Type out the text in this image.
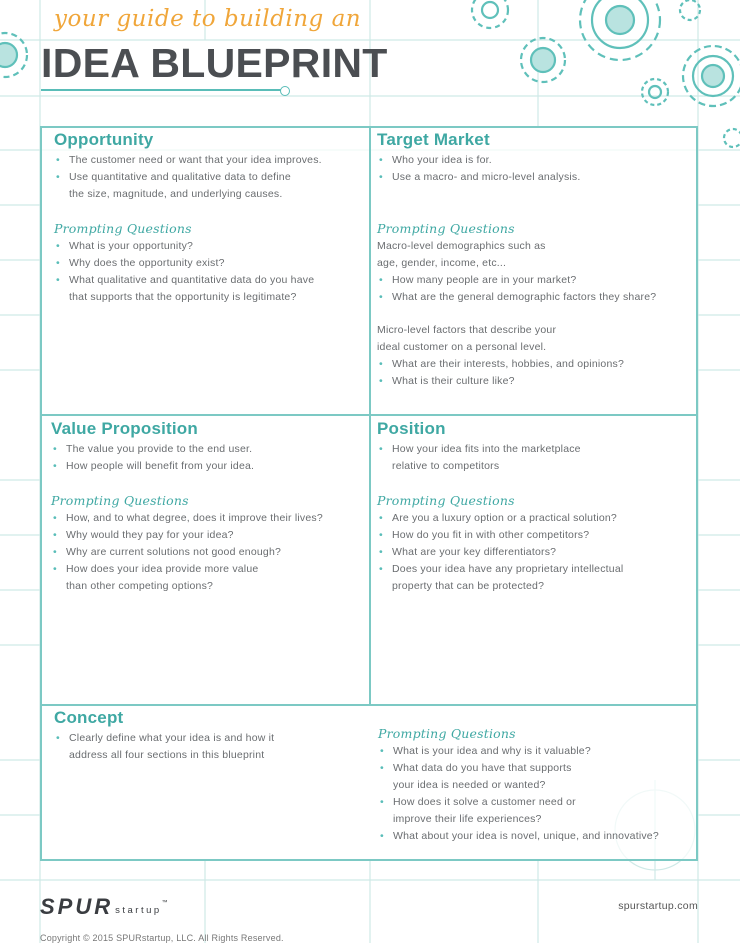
your guide to building an
IDEA BLUEPRINT
Opportunity
• The customer need or want that your idea improves.
• Use quantitative and qualitative data to define
the size, magnitude, and underlying causes.
Prompting Questions
• What is your opportunity?
• Why does the opportunity exist?
• What qualitative and quantitative data do you have
that supports that the opportunity is legitimate?
Target Market
• Who your idea is for.
• Use a macro- and micro-level analysis.
Prompting Questions

Macro-level demographics such as

age, gender, income, etc...

• How many people are in your market?
• What are the general demographic factors they share?

Micro-level factors that describe your

ideal customer on a personal level.

• What are their interests, hobbies, and opinions?
• What is their culture like?
Value Proposition
• The value you provide to the end user.
• How people will benefit from your idea.
Prompting Questions
• How, and to what degree, does it improve their lives?
• Why would they pay for your idea?
• Why are current solutions not good enough?
• How does your idea provide more value
than other competing options?
Position
• How your idea fits into the marketplace
relative to competitors
Prompting Questions
• Are you a luxury option or a practical solution?
• How do you fit in with other competitors?
• What are your key differentiators?
• Does your idea have any proprietary intellectual
property that can be protected?
Concept
• Clearly define what your idea is and how it
address all four sections in this blueprint
Prompting Questions
• What is your idea and why is it valuable?
• What data do you have that supports
your idea is needed or wanted?
• How does it solve a customer need or
improve their life experiences?
• What about your idea is novel, unique, and innovative?
SPUR startup
™	spurstartup.com
Copyright © 2015 SPURstartup, LLC. All Rights Reserved.
